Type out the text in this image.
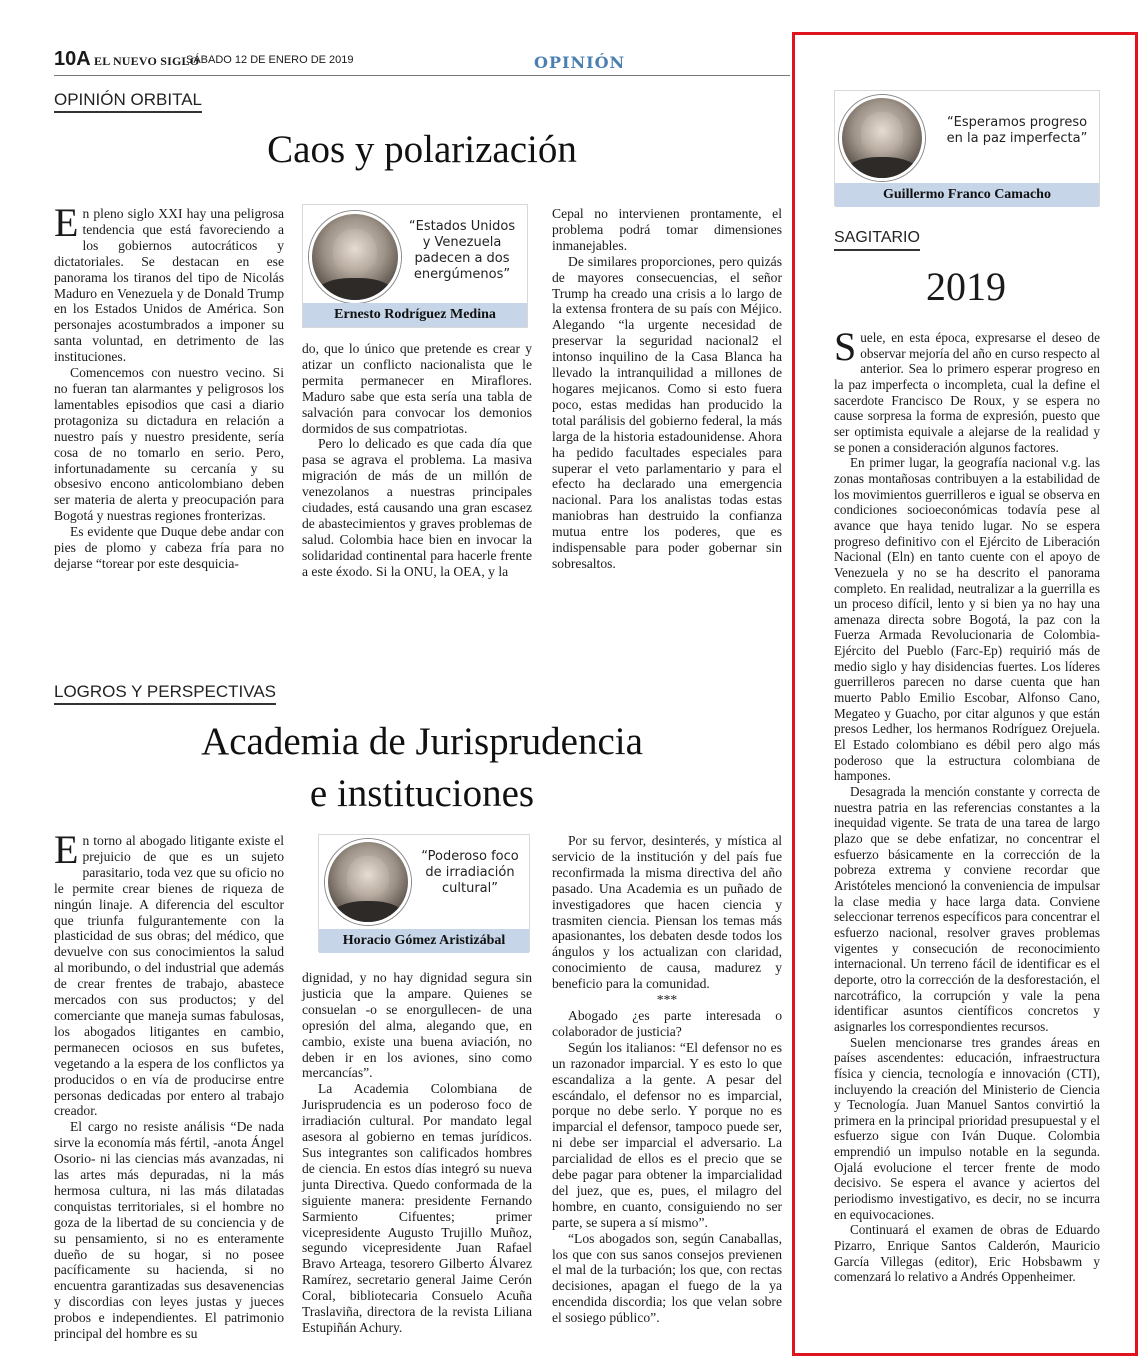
10A EL NUEVO SIGLO
SÁBADO 12 DE ENERO DE 2019	OPINIÓN
OPINIÓN ORBITAL
Caos y polarización

En pleno siglo XXI hay una peligrosa tendencia que está favoreciendo a los gobiernos autocráticos y dictatoriales. Se destacan en ese panorama los tiranos del tipo de Nicolás Maduro en Venezuela y de Donald Trump en los Estados Unidos de América. Son personajes acostumbrados a imponer su santa voluntad, en detrimento de las instituciones.

Comencemos con nuestro vecino. Si no fueran tan alarmantes y peligrosos los lamentables episodios que casi a diario protagoniza su dictadura en relación a nuestro país y nuestro presidente, sería cosa de no tomarlo en serio. Pero, infortunadamente su cercanía y su obsesivo encono anticolombiano deben ser materia de alerta y preocupación para Bogotá y nuestras regiones fronterizas.

Es evidente que Duque debe andar con pies de plomo y cabeza fría para no dejarse “torear por este desquicia-

“Estados Unidos y Venezuela padecen a dos energúmenos”
Ernesto Rodríguez Medina

do, que lo único que pretende es crear y atizar un conflicto nacionalista que le permita permanecer en Miraflores. Maduro sabe que esta sería una tabla de salvación para convocar los demonios dormidos de sus compatriotas.

Pero lo delicado es que cada día que pasa se agrava el problema. La masiva migración de más de un millón de venezolanos a nuestras principales ciudades, está causando una gran escasez de abastecimientos y graves problemas de salud. Colombia hace bien en invocar la solidaridad continental para hacerle frente a este éxodo. Si la ONU, la OEA, y la

Cepal no intervienen prontamente, el problema podrá tomar dimensiones inmanejables.

De similares proporciones, pero quizás de mayores consecuencias, el señor Trump ha creado una crisis a lo largo de la extensa frontera de su país con Méjico. Alegando “la urgente necesidad de preservar la seguridad nacional2 el intonso inquilino de la Casa Blanca ha llevado la intranquilidad a millones de hogares mejicanos. Como si esto fuera poco, estas medidas han producido la total parálisis del gobierno federal, la más larga de la historia estadounidense. Ahora ha pedido facultades especiales para superar el veto parlamentario y para el efecto ha declarado una emergencia nacional. Para los analistas todas estas maniobras han destruido la confianza mutua entre los poderes, que es indispensable para poder gobernar sin sobresaltos.

LOGROS Y PERSPECTIVAS
Academia de Jurisprudencia
e instituciones

En torno al abogado litigante existe el prejuicio de que es un sujeto parasitario, toda vez que su oficio no le permite crear bienes de riqueza de ningún linaje. A diferencia del escultor que triunfa fulgurantemente con la plasticidad de sus obras; del médico, que devuelve con sus conocimientos la salud al moribundo, o del industrial que además de crear frentes de trabajo, abastece mercados con sus productos; y del comerciante que maneja sumas fabulosas, los abogados litigantes en cambio, permanecen ociosos en sus bufetes, vegetando a la espera de los conflictos ya producidos o en vía de producirse entre personas dedicadas por entero al trabajo creador.

El cargo no resiste análisis “De nada sirve la economía más fértil, -anota Ángel Osorio- ni las ciencias más avanzadas, ni las artes más depuradas, ni la más hermosa cultura, ni las más dilatadas conquistas territoriales, si el hombre no goza de la libertad de su conciencia y de su pensamiento, si no es enteramente dueño de su hogar, si no posee pacíficamente su hacienda, si no encuentra garantizadas sus desavenencias y discordias con leyes justas y jueces probos e independientes. El patrimonio principal del hombre es su

“Poderoso foco de irradiación cultural”
Horacio Gómez Aristizábal

dignidad, y no hay dignidad segura sin justicia que la ampare. Quienes se consuelan -o se enorgullecen- de una opresión del alma, alegando que, en cambio, existe una buena aviación, no deben ir en los aviones, sino como mercancías”.

La Academia Colombiana de Jurisprudencia es un poderoso foco de irradiación cultural. Por mandato legal asesora al gobierno en temas jurídicos. Sus integrantes son calificados hombres de ciencia. En estos días integró su nueva junta Directiva. Quedo conformada de la siguiente manera: presidente Fernando Sarmiento Cifuentes; primer vicepresidente Augusto Trujillo Muñoz, segundo vicepresidente Juan Rafael Bravo Arteaga, tesorero Gilberto Álvarez Ramírez, secretario general Jaime Cerón Coral, bibliotecaria Consuelo Acuña Traslaviña, directora de la revista Liliana Estupiñán Achury.

Por su fervor, desinterés, y mística al servicio de la institución y del país fue reconfirmada la misma directiva del año pasado. Una Academia es un puñado de investigadores que hacen ciencia y trasmiten ciencia. Piensan los temas más apasionantes, los debaten desde todos los ángulos y los actualizan con claridad, conocimiento de causa, madurez y beneficio para la comunidad.

***

Abogado ¿es parte interesada o colaborador de justicia?

Según los italianos: “El defensor no es un razonador imparcial. Y es esto lo que escandaliza a la gente. A pesar del escándalo, el defensor no es imparcial, porque no debe serlo. Y porque no es imparcial el defensor, tampoco puede ser, ni debe ser imparcial el adversario. La parcialidad de ellos es el precio que se debe pagar para obtener la imparcialidad del juez, que es, pues, el milagro del hombre, en cuanto, consiguiendo no ser parte, se supera a sí mismo”.

“Los abogados son, según Canaballas, los que con sus sanos consejos previenen el mal de la turbación; los que, con rectas decisiones, apagan el fuego de la ya encendida discordia; los que velan sobre el sosiego público”.

“Esperamos progreso en la paz imperfecta”
Guillermo Franco Camacho
SAGITARIO
2019

Suele, en esta época, expresarse el deseo de observar mejoría del año en curso respecto al anterior. Sea lo primero esperar progreso en la paz imperfecta o incompleta, cual la define el sacerdote Francisco De Roux, y se espera no cause sorpresa la forma de expresión, puesto que ser optimista equivale a alejarse de la realidad y se ponen a consideración algunos factores.

En primer lugar, la geografía nacional v.g. las zonas montañosas contribuyen a la estabilidad de los movimientos guerrilleros e igual se observa en condiciones socioeconómicas todavía pese al avance que haya tenido lugar. No se espera progreso definitivo con el Ejército de Liberación Nacional (Eln) en tanto cuente con el apoyo de Venezuela y no se ha descrito el panorama completo. En realidad, neutralizar a la guerrilla es un proceso difícil, lento y si bien ya no hay una amenaza directa sobre Bogotá, la paz con la Fuerza Armada Revolucionaria de Colombia- Ejército del Pueblo (Farc-Ep) requirió más de medio siglo y hay disidencias fuertes. Los líderes guerrilleros parecen no darse cuenta que han muerto Pablo Emilio Escobar, Alfonso Cano, Megateo y Guacho, por citar algunos y que están presos Ledher, los hermanos Rodríguez Orejuela. El Estado colombiano es débil pero algo más poderoso que la estructura colombiana de hampones.

Desagrada la mención constante y correcta de nuestra patria en las referencias constantes a la inequidad vigente. Se trata de una tarea de largo plazo que se debe enfatizar, no concentrar el esfuerzo básicamente en la corrección de la pobreza extrema y conviene recordar que Aristóteles mencionó la conveniencia de impulsar la clase media y hace larga data. Conviene seleccionar terrenos específicos para concentrar el esfuerzo nacional, resolver graves problemas vigentes y consecución de reconocimiento internacional. Un terreno fácil de identificar es el deporte, otro la corrección de la desforestación, el narcotráfico, la corrupción y vale la pena identificar asuntos científicos concretos y asignarles los correspondientes recursos.

Suelen mencionarse tres grandes áreas en países ascendentes: educación, infraestructura física y ciencia, tecnología e innovación (CTI), incluyendo la creación del Ministerio de Ciencia y Tecnología. Juan Manuel Santos convirtió la primera en la principal prioridad presupuestal y el esfuerzo sigue con Iván Duque. Colombia emprendió un impulso notable en la segunda. Ojalá evolucione el tercer frente de modo decisivo. Se espera el avance y aciertos del periodismo investigativo, es decir, no se incurra en equivocaciones.

Continuará el examen de obras de Eduardo Pizarro, Enrique Santos Calderón, Mauricio García Villegas (editor), Eric Hobsbawm y comenzará lo relativo a Andrés Oppenheimer.
